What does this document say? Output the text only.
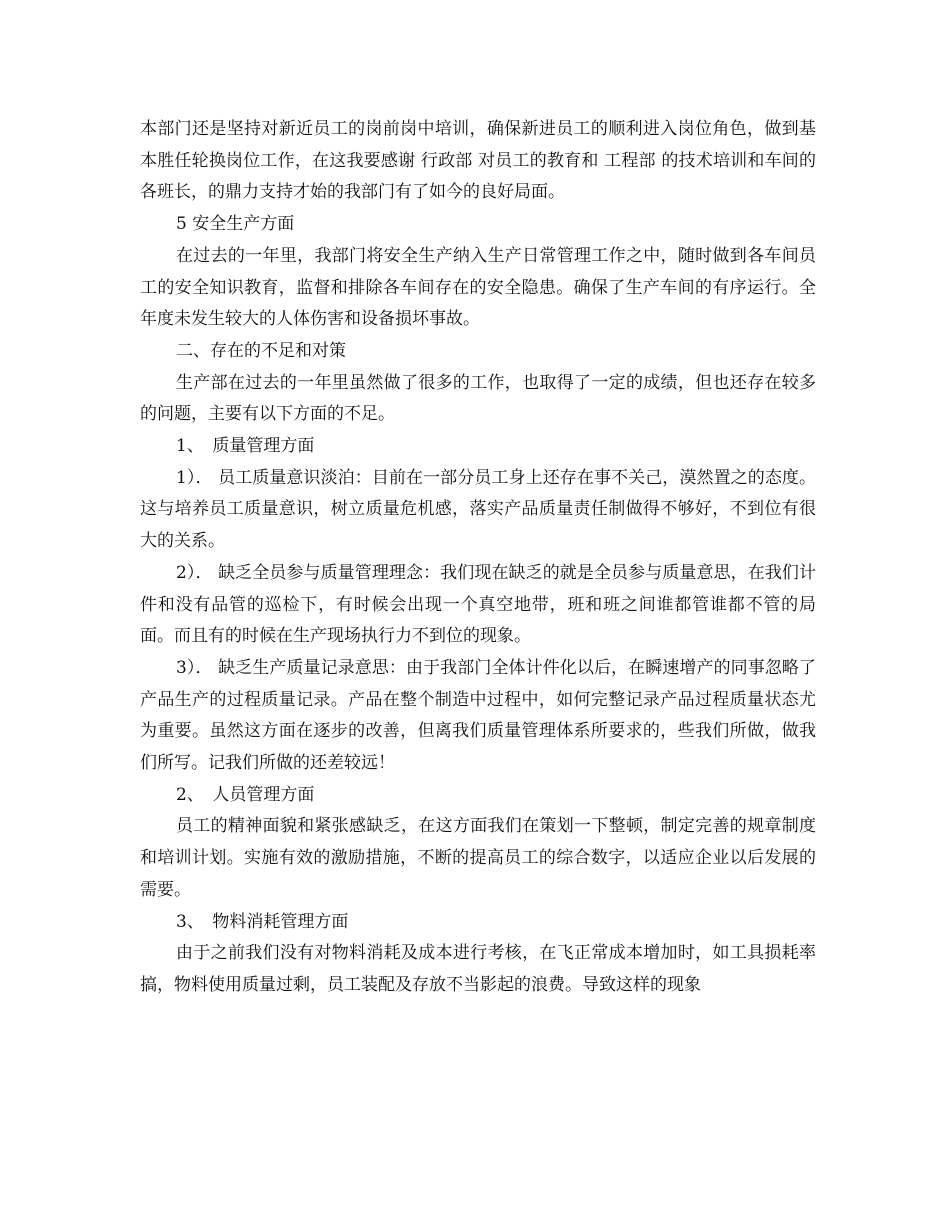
本部门还是坚持对新近员工的岗前岗中培训，确保新进员工的顺利进入岗位角色，做到基本胜任轮换岗位工作，在这我要感谢 行政部 对员工的教育和 工程部 的技术培训和车间的各班长，的鼎力支持才始的我部门有了如今的良好局面。

5 安全生产方面

在过去的一年里，我部门将安全生产纳入生产日常管理工作之中，随时做到各车间员工的安全知识教育，监督和排除各车间存在的安全隐患。确保了生产车间的有序运行。全年度未发生较大的人体伤害和设备损坏事故。

二、存在的不足和对策

生产部在过去的一年里虽然做了很多的工作，也取得了一定的成绩，但也还存在较多的问题，主要有以下方面的不足。

1、　质量管理方面

1）． 员工质量意识淡泊：目前在一部分员工身上还存在事不关己，漠然置之的态度。这与培养员工质量意识，树立质量危机感，落实产品质量责任制做得不够好，不到位有很大的关系。

2）． 缺乏全员参与质量管理理念：我们现在缺乏的就是全员参与质量意思，在我们计件和没有品管的巡检下，有时候会出现一个真空地带，班和班之间谁都管谁都不管的局面。而且有的时候在生产现场执行力不到位的现象。

3）． 缺乏生产质量记录意思：由于我部门全体计件化以后，在瞬速增产的同事忽略了产品生产的过程质量记录。产品在整个制造中过程中，如何完整记录产品过程质量状态尤为重要。虽然这方面在逐步的改善，但离我们质量管理体系所要求的，些我们所做，做我们所写。记我们所做的还差较远！

2、　人员管理方面

员工的精神面貌和紧张感缺乏，在这方面我们在策划一下整顿，制定完善的规章制度和培训计划。实施有效的激励措施，不断的提高员工的综合数字，以适应企业以后发展的需要。

3、　物料消耗管理方面

由于之前我们没有对物料消耗及成本进行考核，在飞正常成本增加时，如工具损耗率搞，物料使用质量过剩，员工装配及存放不当影起的浪费。导致这样的现象
